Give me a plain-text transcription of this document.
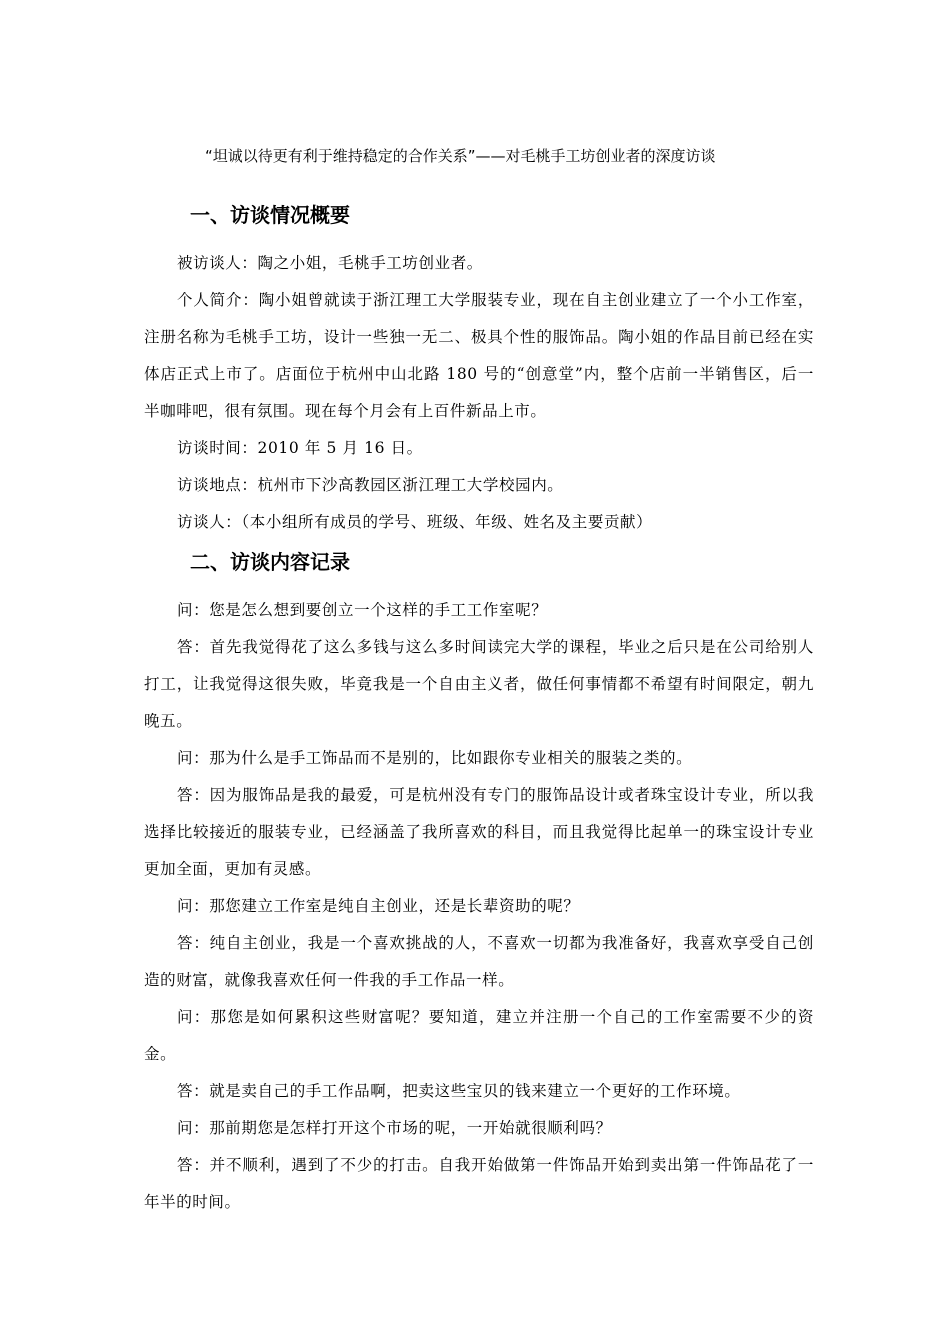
“坦诚以待更有利于维持稳定的合作关系”——对毛桃手工坊创业者的深度访谈
一、访谈情况概要

被访谈人：陶之小姐，毛桃手工坊创业者。

个人简介：陶小姐曾就读于浙江理工大学服装专业，现在自主创业建立了一个小工作室，注册名称为毛桃手工坊，设计一些独一无二、极具个性的服饰品。陶小姐的作品目前已经在实体店正式上市了。店面位于杭州中山北路 180 号的“创意堂”内，整个店前一半销售区，后一半咖啡吧，很有氛围。现在每个月会有上百件新品上市。

访谈时间：2010 年 5 月 16 日。

访谈地点：杭州市下沙高教园区浙江理工大学校园内。

访谈人：（本小组所有成员的学号、班级、年级、姓名及主要贡献）

二、访谈内容记录

问：您是怎么想到要创立一个这样的手工工作室呢？

答：首先我觉得花了这么多钱与这么多时间读完大学的课程，毕业之后只是在公司给别人打工，让我觉得这很失败，毕竟我是一个自由主义者，做任何事情都不希望有时间限定，朝九晚五。

问：那为什么是手工饰品而不是别的，比如跟你专业相关的服装之类的。

答：因为服饰品是我的最爱，可是杭州没有专门的服饰品设计或者珠宝设计专业，所以我选择比较接近的服装专业，已经涵盖了我所喜欢的科目，而且我觉得比起单一的珠宝设计专业更加全面，更加有灵感。

问：那您建立工作室是纯自主创业，还是长辈资助的呢？

答：纯自主创业，我是一个喜欢挑战的人，不喜欢一切都为我准备好，我喜欢享受自己创造的财富，就像我喜欢任何一件我的手工作品一样。

问：那您是如何累积这些财富呢？要知道，建立并注册一个自己的工作室需要不少的资金。

答：就是卖自己的手工作品啊，把卖这些宝贝的钱来建立一个更好的工作环境。

问：那前期您是怎样打开这个市场的呢，一开始就很顺利吗？

答：并不顺利，遇到了不少的打击。自我开始做第一件饰品开始到卖出第一件饰品花了一年半的时间。
